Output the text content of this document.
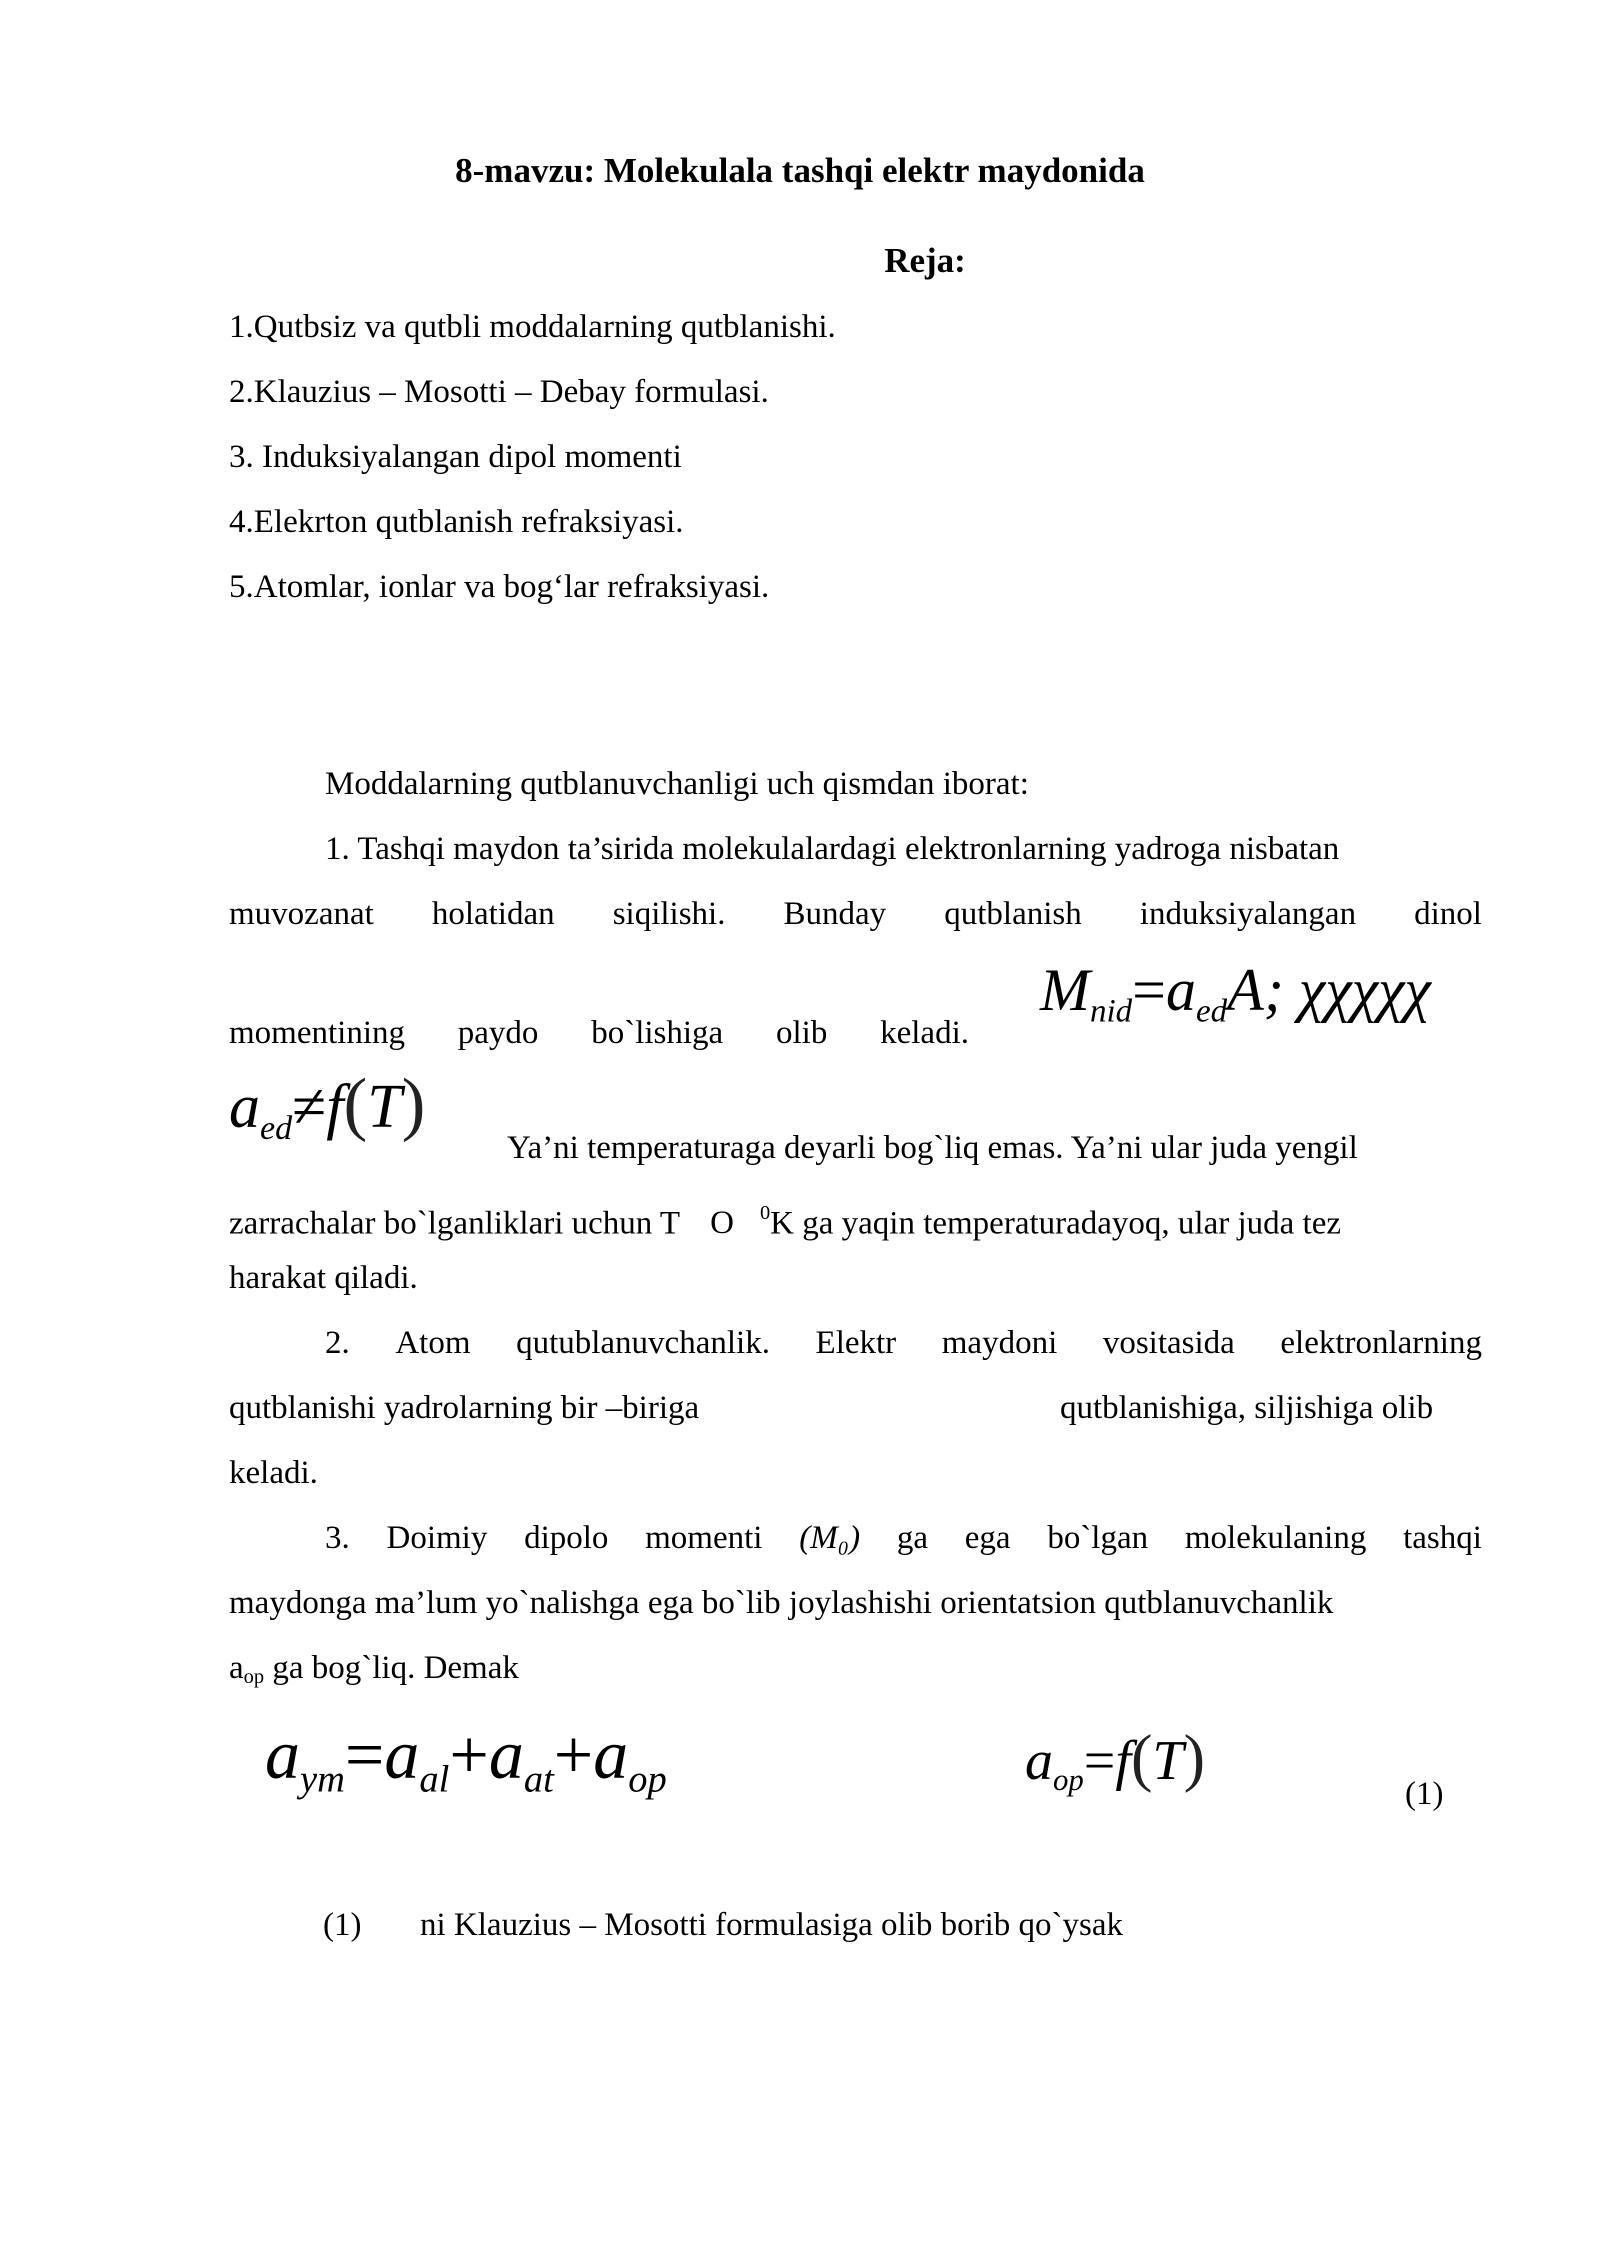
8-mavzu: Molekulala tashqi elektr maydonida
Reja:
1.Qutbsiz va qutbli moddalarning qutblanishi.
2.Klauzius – Mosotti – Debay formulasi.
3. Induksiyalangan dipol momenti
4.Elekrton qutblanish refraksiyasi.
5.Atomlar, ionlar va bog‘lar refraksiyasi.
Moddalarning qutblanuvchanligi uch qismdan iborat:
1. Tashqi maydon ta’sirida molekulalardagi elektronlarning yadroga nisbatan
muvozanat holatidan siqilishi. Bunday qutblanish induksiyalangan dinol
momentining paydo bo`lishiga olib keladi.
$M_{nid}=a_{ed}A$; χχχχχ
$a_{ed}\ne f(T)$
Ya’ni temperaturaga deyarli bog`liq emas. Ya’ni ular juda yengil
zarrachalar bo`lganliklari uchun T O $^0$K ga yaqin temperaturadayoq, ular juda tez
harakat qiladi.
2. Atom qutublanuvchanlik. Elektr maydoni vositasida elektronlarning
qutblanishi yadrolarning bir –biriga	qutblanishiga, siljishiga olib
keladi.
3. Doimiy dipolo momenti (M₀) ga ega bo`lgan molekulaning tashqi
maydonga ma’lum yo`nalishga ega bo`lib joylashishi orientatsion qutblanuvchanlik
$a_{op}$ ga bog`liq. Demak
$a_{ym}=a_{al}+a_{at}+a_{op}$	$a_{op}=f(T)$
(1)
(1) ni Klauzius – Mosotti formulasiga olib borib qo`ysak
